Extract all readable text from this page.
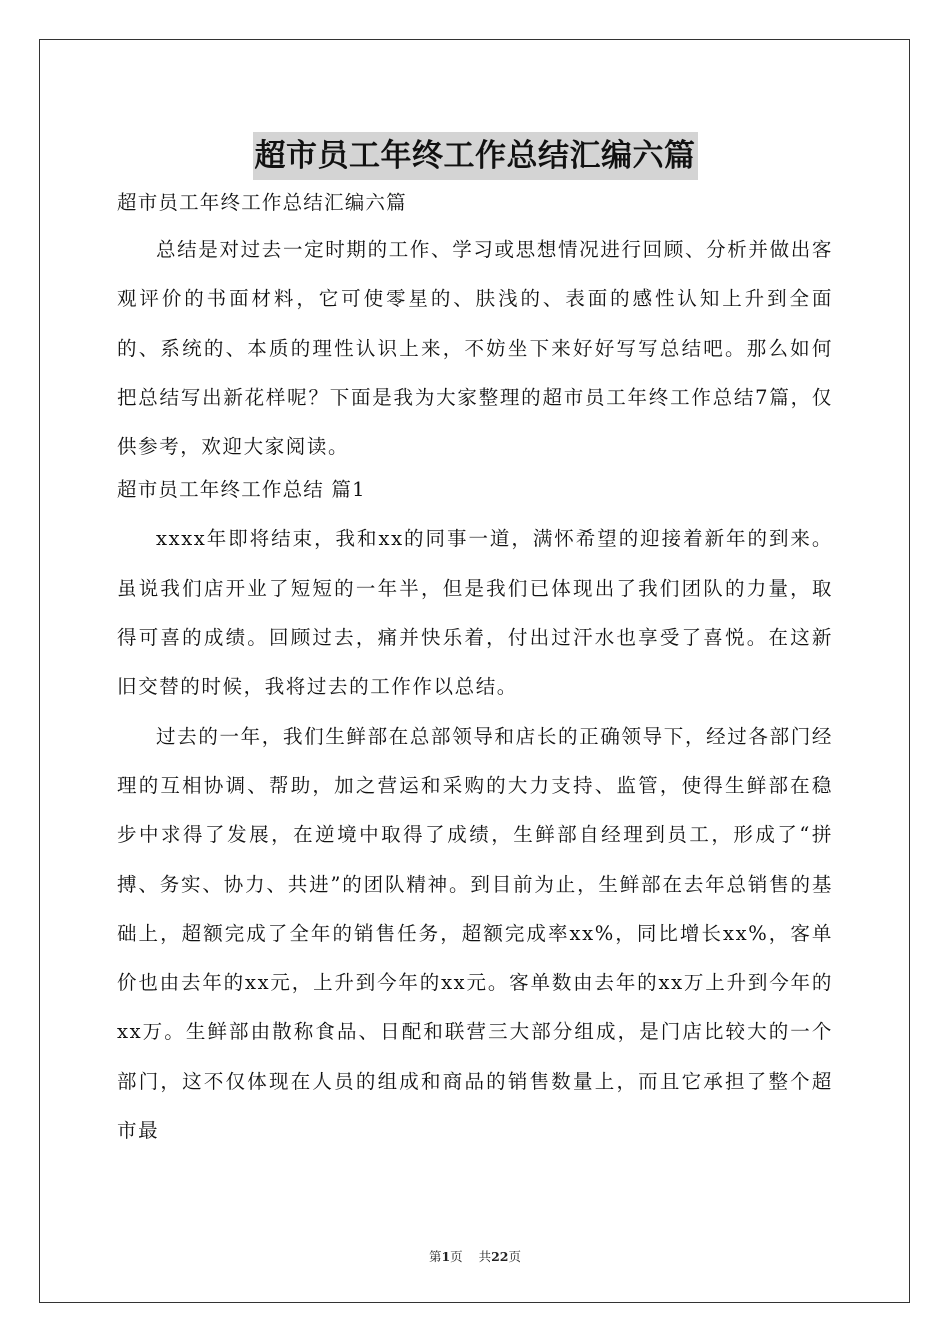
超市员工年终工作总结汇编六篇
超市员工年终工作总结汇编六篇

总结是对过去一定时期的工作、学习或思想情况进行回顾、分析并做出客观评价的书面材料，它可使零星的、肤浅的、表面的感性认知上升到全面的、系统的、本质的理性认识上来，不妨坐下来好好写写总结吧。那么如何把总结写出新花样呢？下面是我为大家整理的超市员工年终工作总结7篇，仅供参考，欢迎大家阅读。

超市员工年终工作总结 篇1

xxxx年即将结束，我和xx的同事一道，满怀希望的迎接着新年的到来。虽说我们店开业了短短的一年半，但是我们已体现出了我们团队的力量，取得可喜的成绩。回顾过去，痛并快乐着，付出过汗水也享受了喜悦。在这新旧交替的时候，我将过去的工作作以总结。

过去的一年，我们生鲜部在总部领导和店长的正确领导下，经过各部门经理的互相协调、帮助，加之营运和采购的大力支持、监管，使得生鲜部在稳步中求得了发展，在逆境中取得了成绩，生鲜部自经理到员工，形成了“拼搏、务实、协力、共进”的团队精神。到目前为止，生鲜部在去年总销售的基础上，超额完成了全年的销售任务，超额完成率xx%，同比增长xx%，客单价也由去年的xx元，上升到今年的xx元。客单数由去年的xx万上升到今年的xx万。生鲜部由散称食品、日配和联营三大部分组成，是门店比较大的一个部门，这不仅体现在人员的组成和商品的销售数量上，而且它承担了整个超市最

第1页 共22页
